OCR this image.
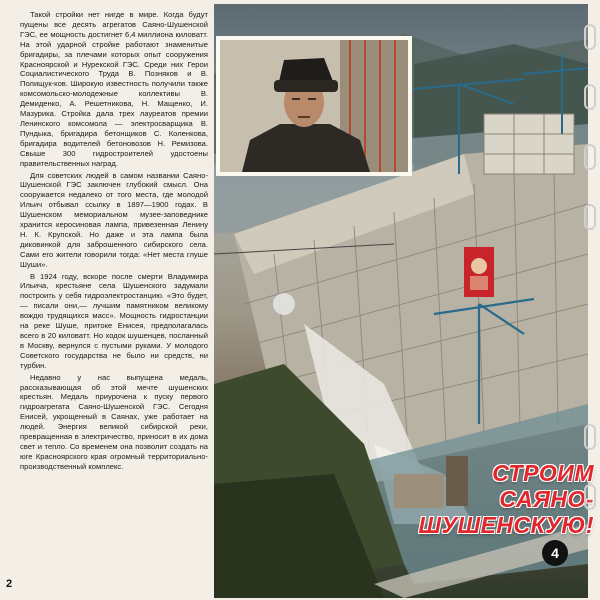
Такой стройки нет нигде в мире. Когда будут пущены все десять агрегатов Саяно-Шушенской ГЭС, ее мощность достигнет 6,4 миллиона киловатт. На этой ударной стройке работают знаменитые бригадиры, за плечами которых опыт сооружения Красноярской и Нурекской ГЭС. Среди них Герои Социалистического Труда В. Позняков и В. Полищук-ков. Широкую известность получили также комсомольско-молодежные коллективы В. Демиденко, А. Решетникова, Н. Мащенко, И. Мазурика. Стройка дала трех лауреатов премии Ленинского комсомола — электросварщика В. Пундыка, бригадира бетонщиков С. Коленкова, бригадира водителей бетоновозов Н. Ремизова. Свыше 300 гидростроителей удостоены правительственных наград.

Для советских людей в самом названии Саяно-Шушенской ГЭС заключен глубокий смысл. Она сооружается недалеко от того места, где молодой Ильич отбывал ссылку в 1897—1900 годах. В Шушенском мемориальном музее-заповеднике хранится керосиновая лампа, привезенная Ленину Н. К. Крупской. Но даже и эта лампа была диковинкой для заброшенного сибирского села. Сами его жители говорили тогда: «Нет места глуше Шуши».

В 1924 году, вскоре после смерти Владимира Ильича, крестьяне села Шушенского задумали построить у себя гидроэлектростанцию. «Это будет,— писали они,— лучшим памятником великому вождю трудящихся масс». Мощность гидростанции на реке Шуше, притоке Енисея, предполагалась всего в 20 киловатт. Но ходок шушенцев, посланный в Москву, вернулся с пустыми руками. У молодого Советского государства не было ни средств, ни турбин.

Недавно у нас выпущена медаль, рассказывающая об этой мечте шушенских крестьян. Медаль приурочена к пуску первого гидроагрегата Саяно-Шушенской ГЭС. Сегодня Енисей, укрощенный в Саянах, уже работает на людей. Энергия великой сибирской реки, превращенная в электричество, приносит в их дома свет и тепло. Со временем она позволит создать на юге Красноярского края огромный территориально-производственный комплекс.

2
СТРОИМ
САЯНО-
ШУШЕНСКУЮ!
4
